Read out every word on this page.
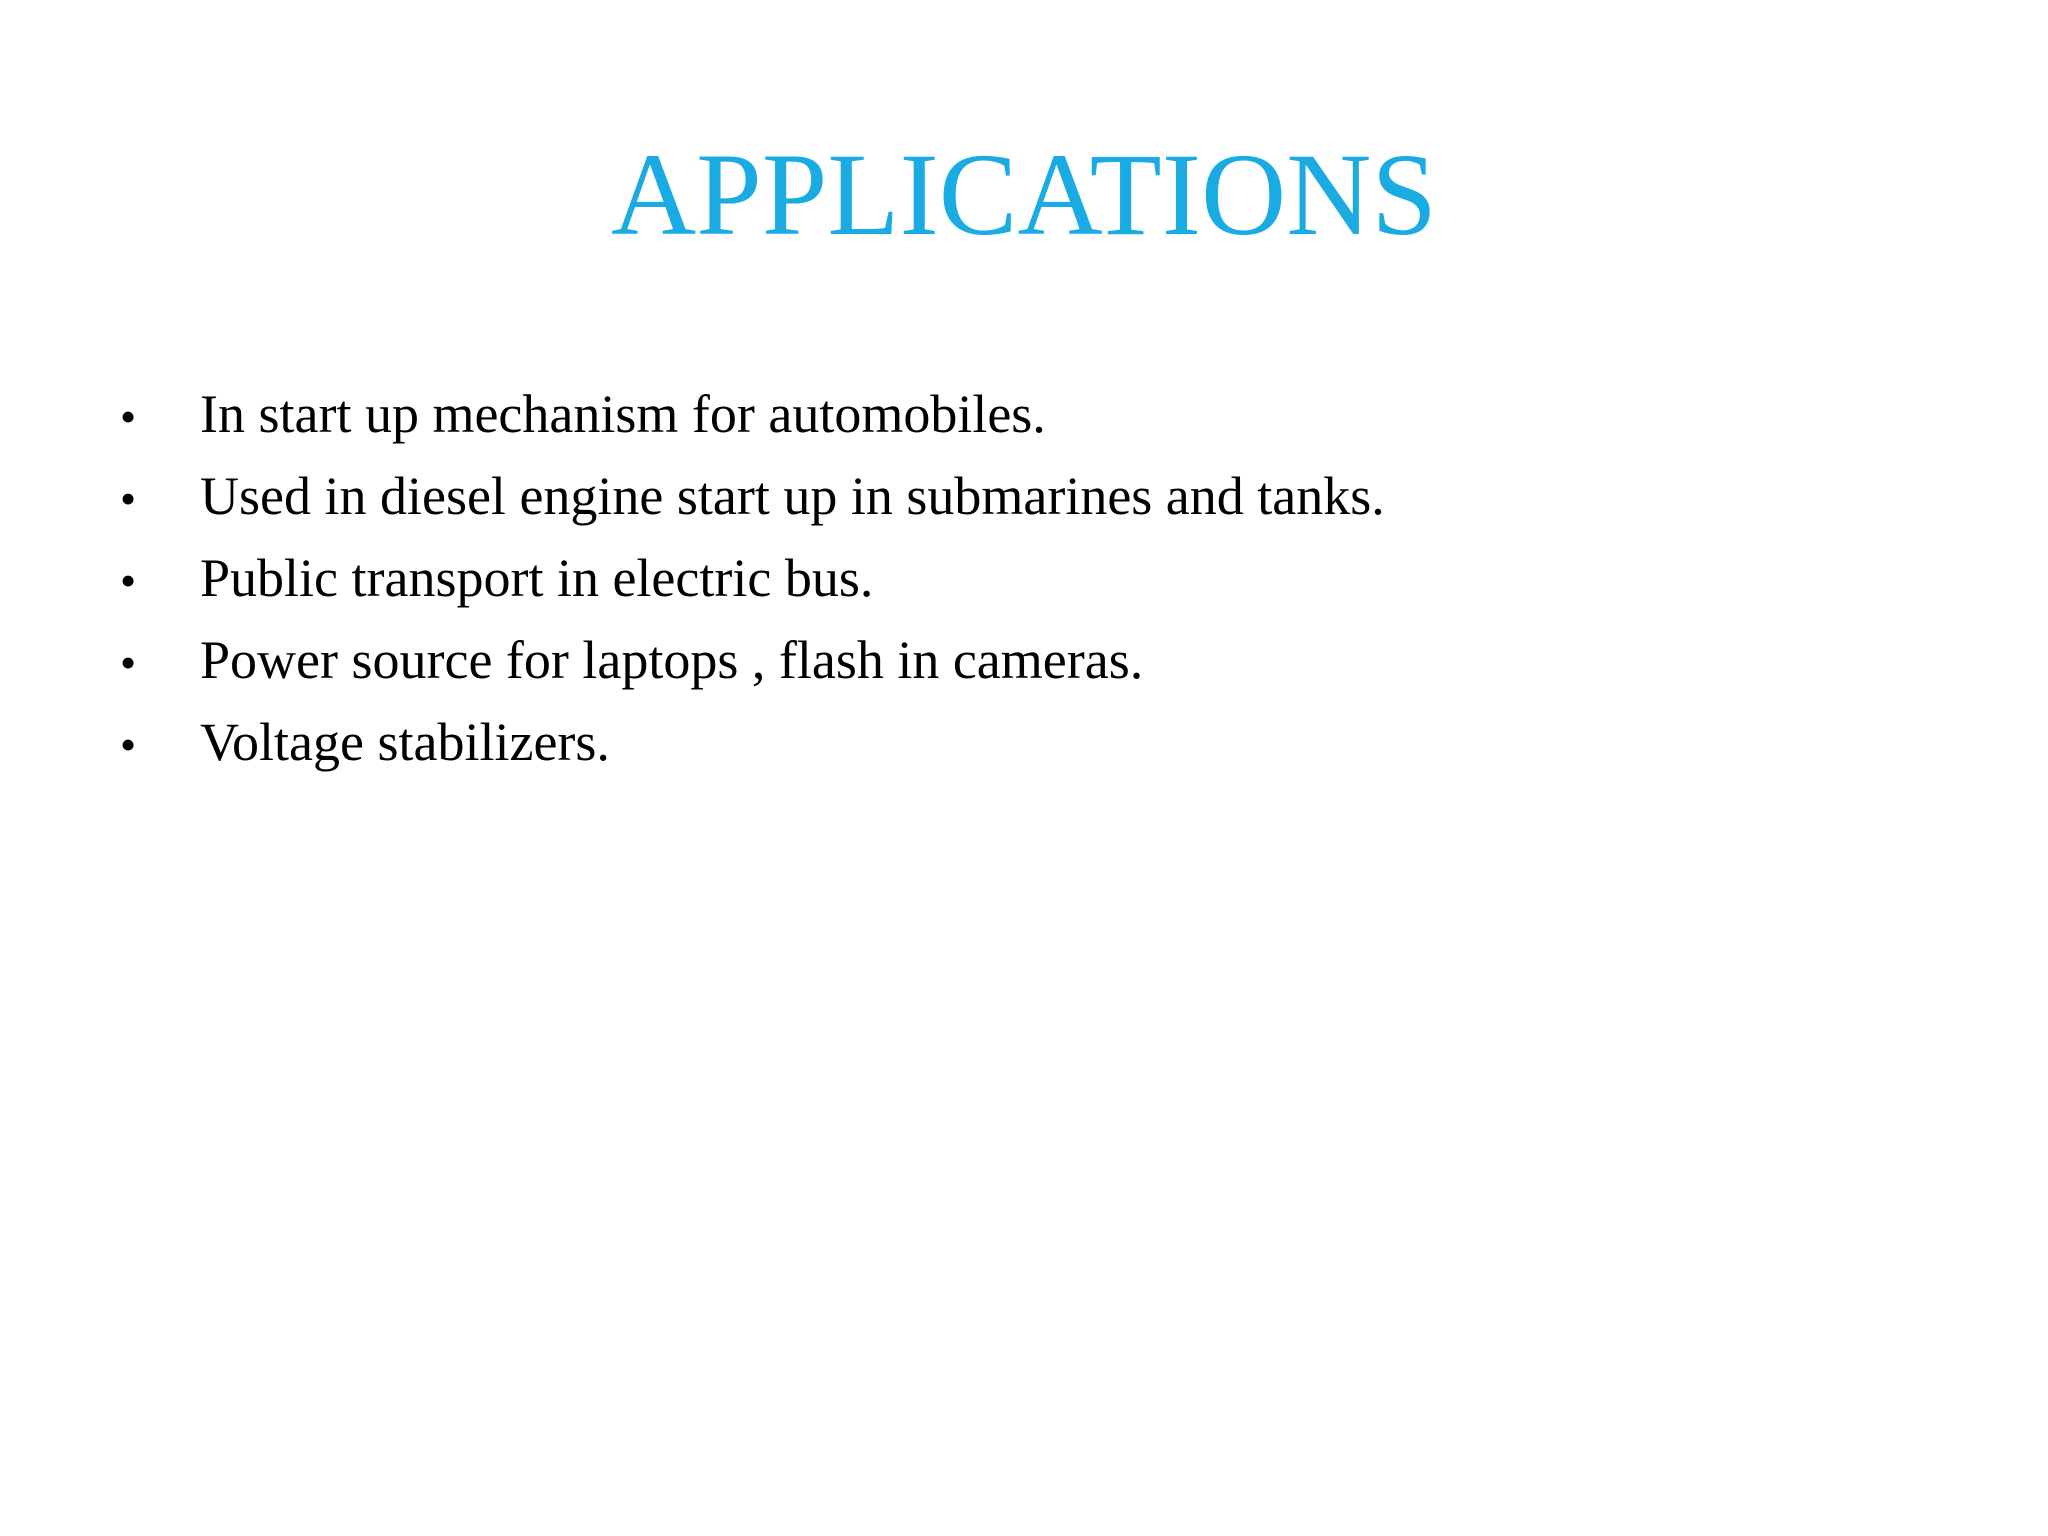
APPLICATIONS
•	In start up mechanism for automobiles.
•	Used in diesel engine start up in submarines and tanks.
•	Public transport in electric bus.
•	Power source for laptops , flash in cameras.
•	Voltage stabilizers.
